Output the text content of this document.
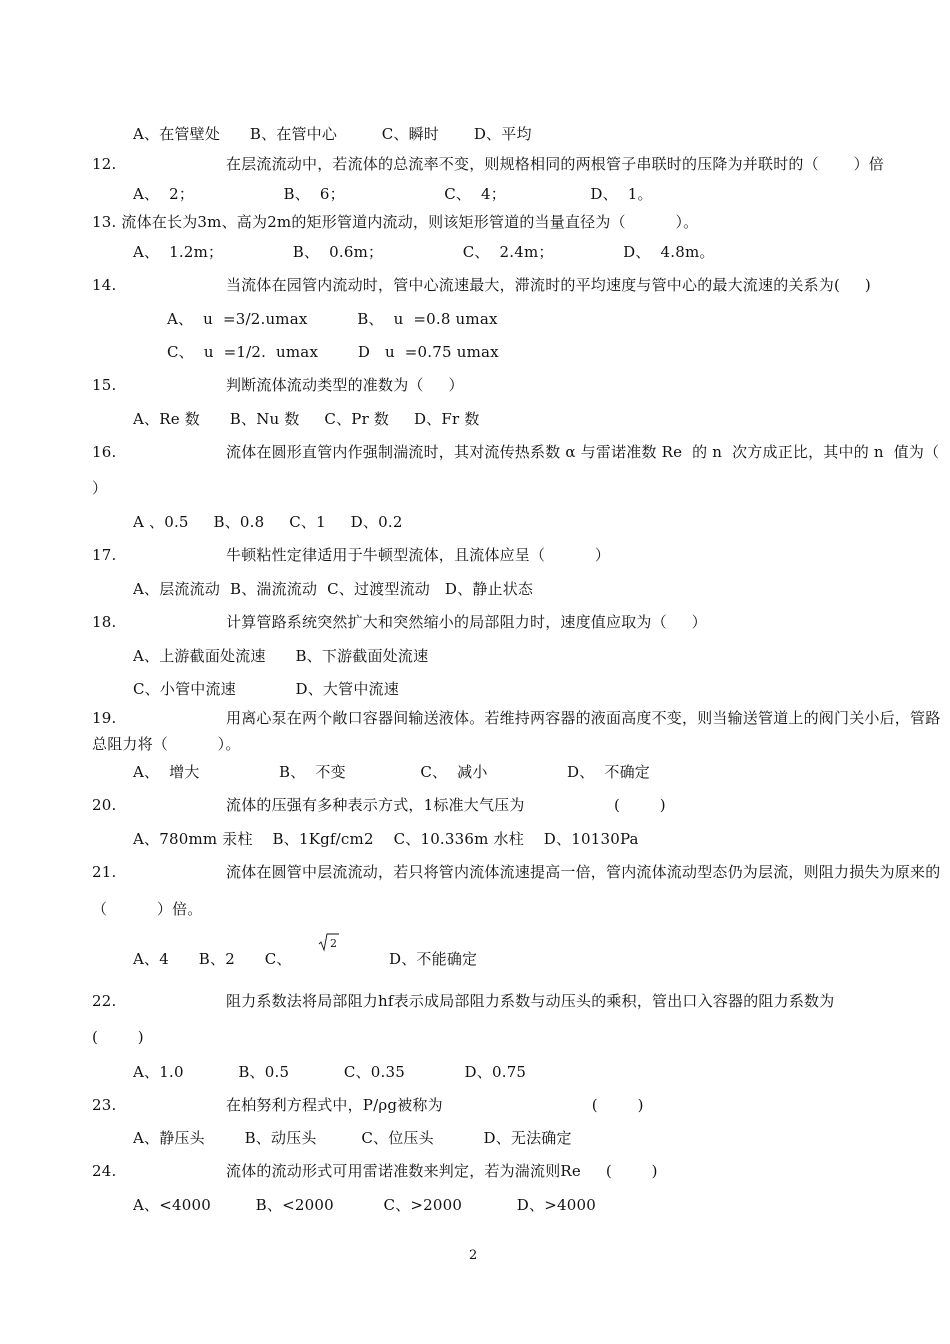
A、在管壁处      B、在管中心         C、瞬时       D、平均
12.	在层流流动中，若流体的总流率不变，则规格相同的两根管子串联时的压降为并联时的（       ）倍
A、  2；                  B、  6；                    C、  4；                 D、  1。
13. 流体在长为3m、高为2m的矩形管道内流动，则该矩形管道的当量直径为（          ）。
A、  1.2m；              B、  0.6m；                C、  2.4m；              D、  4.8m。
14.	当流体在园管内流动时，管中心流速最大，滞流时的平均速度与管中心的最大流速的关系为(     )
A、  u  =3/2.umax          B、  u  =0.8 umax
C、  u  =1/2.  umax        D   u  =0.75 umax
15.	判断流体流动类型的准数为（     ）
A、Re 数      B、Nu 数     C、Pr 数     D、Fr 数
16.	流体在圆形直管内作强制湍流时，其对流传热系数 α 与雷诺准数 Re  的 n  次方成正比，其中的 n  值为（
）
A 、0.5     B、0.8     C、1     D、0.2
17.	牛顿粘性定律适用于牛顿型流体，且流体应呈（          ）
A、层流流动  B、湍流流动  C、过渡型流动   D、静止状态
18.	计算管路系统突然扩大和突然缩小的局部阻力时，速度值应取为（     ）
A、上游截面处流速      B、下游截面处流速
C、小管中流速            D、大管中流速
19.	用离心泵在两个敞口容器间输送液体。若维持两容器的液面高度不变，则当输送管道上的阀门关小后，管路
总阻力将（          ）。
A、  增大                B、  不变               C、  减小                D、  不确定
20.	流体的压强有多种表示方式，1标准大气压为                  (        )
A、780mm 汞柱    B、1Kgf/cm2    C、10.336m 水柱    D、10130Pa
21.	流体在圆管中层流流动，若只将管内流体流速提高一倍，管内流体流动型态仍为层流，则阻力损失为原来的
（          ）倍。
A、4      B、2      C、
2
D、不能确定
22.	阻力系数法将局部阻力hf表示成局部阻力系数与动压头的乘积，管出口入容器的阻力系数为
(        )
A、1.0           B、0.5           C、0.35            D、0.75
23.	在柏努利方程式中，P/ρg被称为                              (        )
A、静压头        B、动压头         C、位压头          D、无法确定
24.	流体的流动形式可用雷诺准数来判定，若为湍流则Re     (        )
A、<4000         B、<2000          C、>2000           D、>4000
2
